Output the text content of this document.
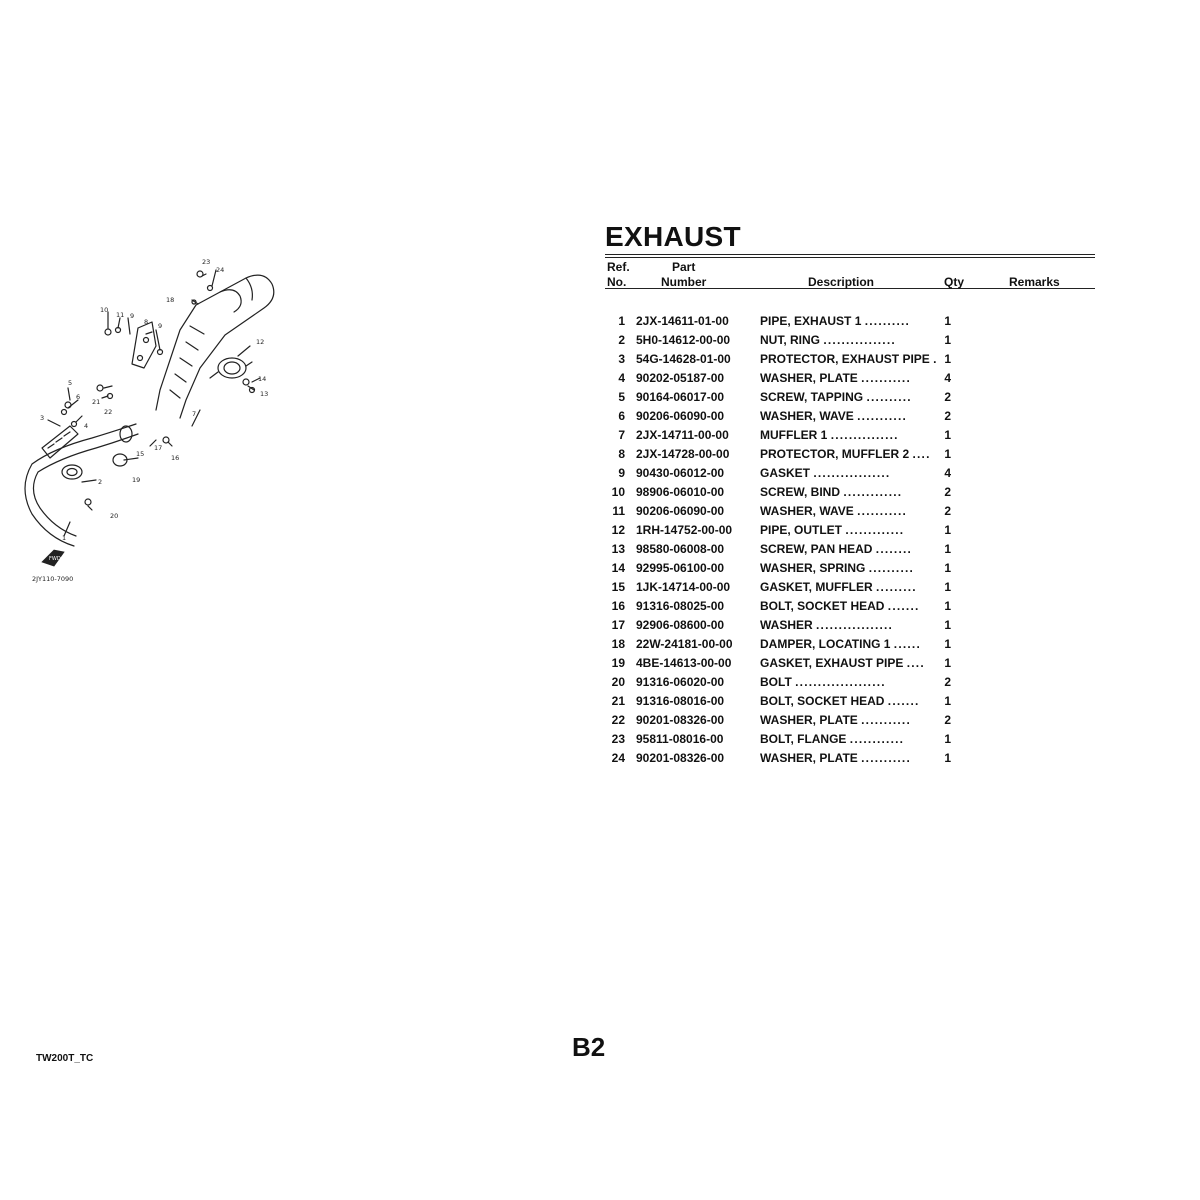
1
2
3
4
5
6
7
8
9
9
10
11
12
13
14
15	16
17
18
19
20
21
22
23
24
FWD
2JY110-7090
EXHAUST
Ref.
No.
Part
Number	Description	Qty	Remarks
1	2JX-14611-01-00	PIPE, EXHAUST 1 ..........	1
2	5H0-14612-00-00	NUT, RING ................	1
3	54G-14628-01-00	PROTECTOR, EXHAUST PIPE .	1
4	90202-05187-00	WASHER, PLATE ...........	4
5	90164-06017-00	SCREW, TAPPING ..........	2
6	90206-06090-00	WASHER, WAVE ...........	2
7	2JX-14711-00-00	MUFFLER 1 ...............	1
8	2JX-14728-00-00	PROTECTOR, MUFFLER 2 ....	1
9	90430-06012-00	GASKET .................	4
10	98906-06010-00	SCREW, BIND .............	2
11	90206-06090-00	WASHER, WAVE ...........	2
12	1RH-14752-00-00	PIPE, OUTLET .............	1
13	98580-06008-00	SCREW, PAN HEAD ........	1
14	92995-06100-00	WASHER, SPRING ..........	1
15	1JK-14714-00-00	GASKET, MUFFLER .........	1
16	91316-08025-00	BOLT, SOCKET HEAD .......	1
17	92906-08600-00	WASHER .................	1
18	22W-24181-00-00	DAMPER, LOCATING 1 ......	1
19	4BE-14613-00-00	GASKET, EXHAUST PIPE ....	1
20	91316-06020-00	BOLT ....................	2
21	91316-08016-00	BOLT, SOCKET HEAD .......	1
22	90201-08326-00	WASHER, PLATE ...........	2
23	95811-08016-00	BOLT, FLANGE ............	1
24	90201-08326-00	WASHER, PLATE ...........	1
B2
TW200T_TC
